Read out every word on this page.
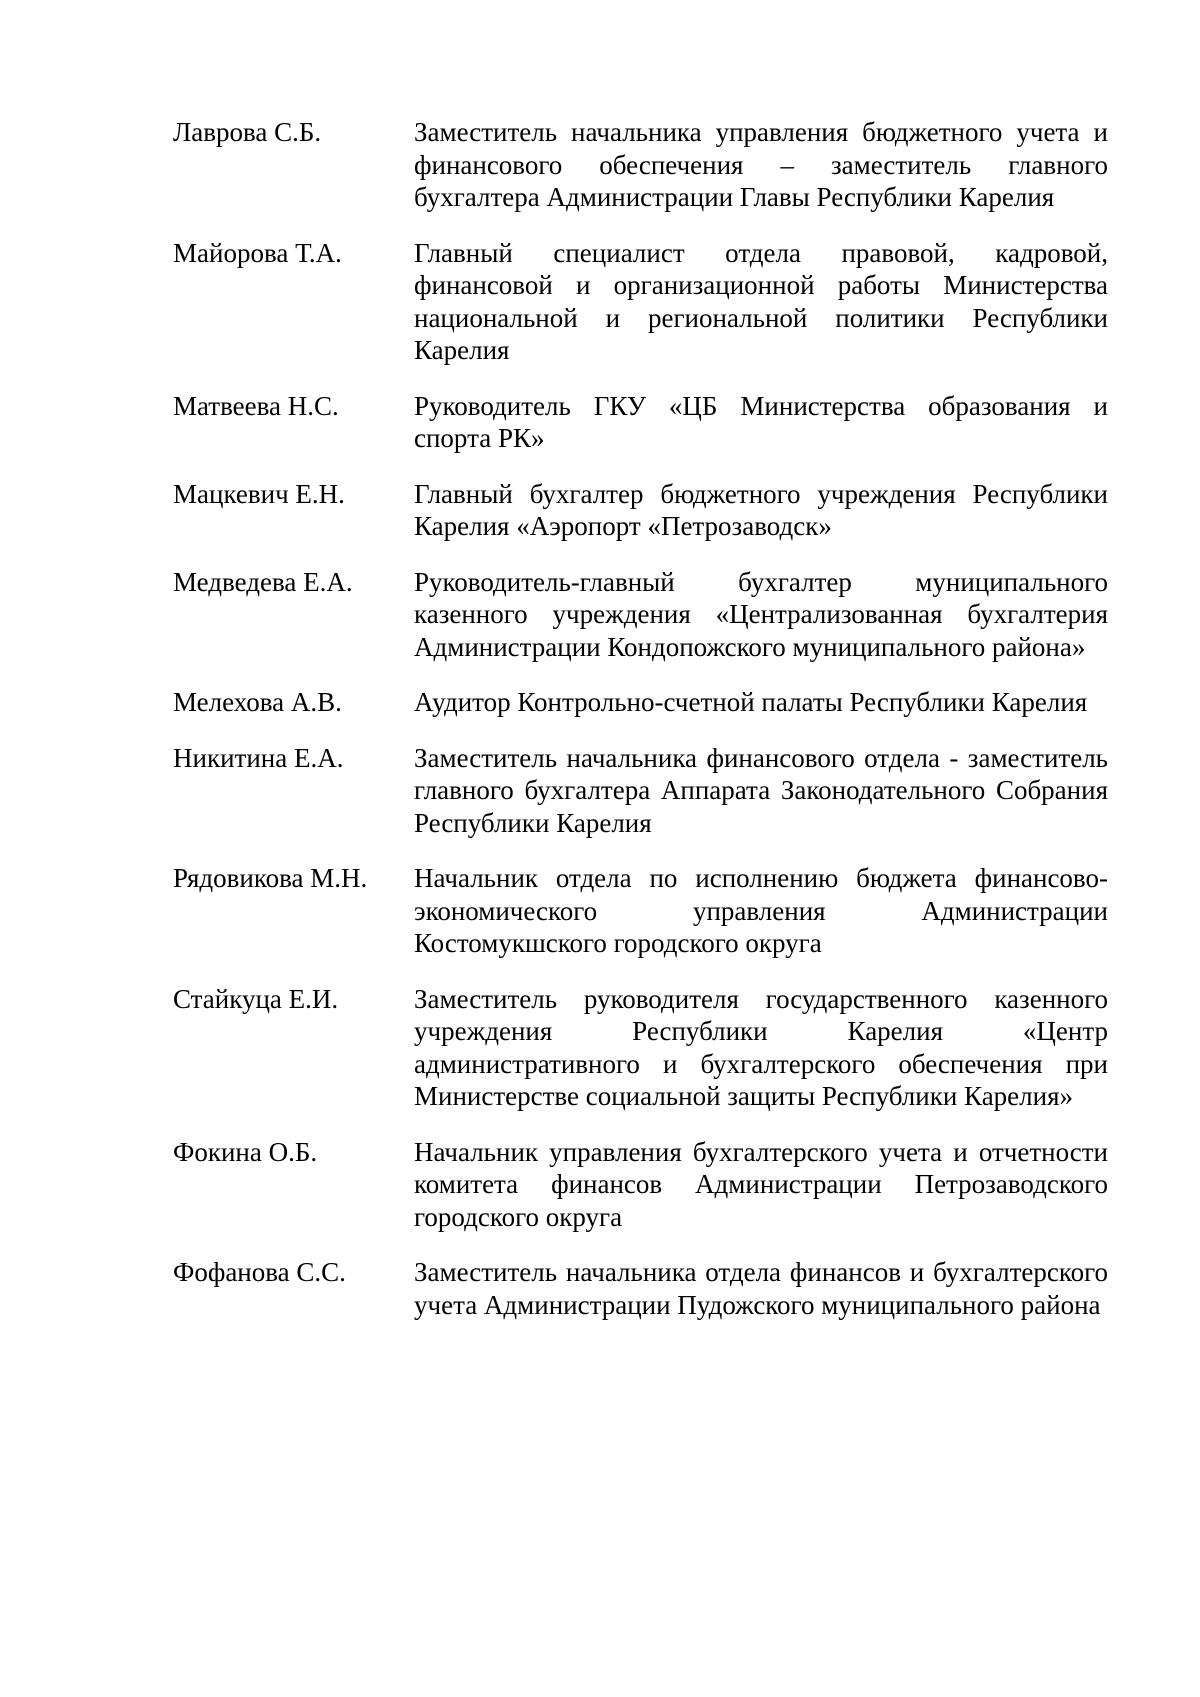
Лаврова С.Б.	Заместитель начальника управления бюджетного учета и финансового обеспечения – заместитель главного бухгалтера Администрации Главы Республики Карелия
Майорова Т.А.	Главный специалист отдела правовой, кадровой, финансовой и организационной работы Министерства национальной и региональной политики Республики Карелия
Матвеева Н.С.	Руководитель ГКУ «ЦБ Министерства образования и спорта РК»
Мацкевич Е.Н.	Главный бухгалтер бюджетного учреждения Республики Карелия «Аэропорт «Петрозаводск»
Медведева Е.А.	Руководитель-главный бухгалтер муниципального казенного учреждения «Централизованная бухгалтерия Администрации Кондопожского муниципального района»
Мелехова А.В.	Аудитор Контрольно-счетной палаты Республики Карелия
Никитина Е.А.	Заместитель начальника финансового отдела - заместитель главного бухгалтера Аппарата Законодательного Собрания Республики Карелия
Рядовикова М.Н.	Начальник отдела по исполнению бюджета финансово-экономического управления Администрации Костомукшского городского округа
Стайкуца Е.И.	Заместитель руководителя государственного казенного учреждения Республики Карелия «Центр административного и бухгалтерского обеспечения при Министерстве социальной защиты Республики Карелия»
Фокина О.Б.	Начальник управления бухгалтерского учета и отчетности комитета финансов Администрации Петрозаводского городского округа
Фофанова С.С.	Заместитель начальника отдела финансов и бухгалтерского учета Администрации Пудожского муниципального района
